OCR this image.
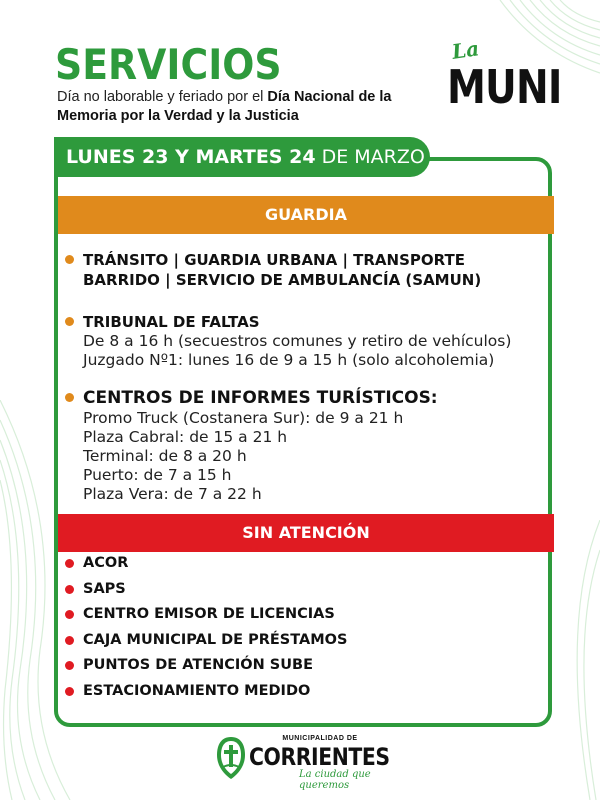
SERVICIOS
Día no laborable y feriado por el Día Nacional de la Memoria por la Verdad y la Justicia
La
MUNI
LUNES 23 Y MARTES 24 DE MARZO
GUARDIA
TRÁNSITO | GUARDIA URBANA | TRANSPORTE
BARRIDO | SERVICIO DE AMBULANCÍA (SAMUN)
TRIBUNAL DE FALTAS
De 8 a 16 h (secuestros comunes y retiro de vehículos)
Juzgado Nº1: lunes 16 de 9 a 15 h (solo alcoholemia)
CENTROS DE INFORMES TURÍSTICOS:
Promo Truck (Costanera Sur): de 9 a 21 h
Plaza Cabral: de 15 a 21 h
Terminal: de 8 a 20 h
Puerto: de 7 a 15 h
Plaza Vera: de 7 a 22 h
SIN ATENCIÓN
ACOR
SAPS
CENTRO EMISOR DE LICENCIAS
CAJA MUNICIPAL DE PRÉSTAMOS
PUNTOS DE ATENCIÓN SUBE
ESTACIONAMIENTO MEDIDO
MUNICIPALIDAD DE
CORRIENTES
La ciudad que queremos
